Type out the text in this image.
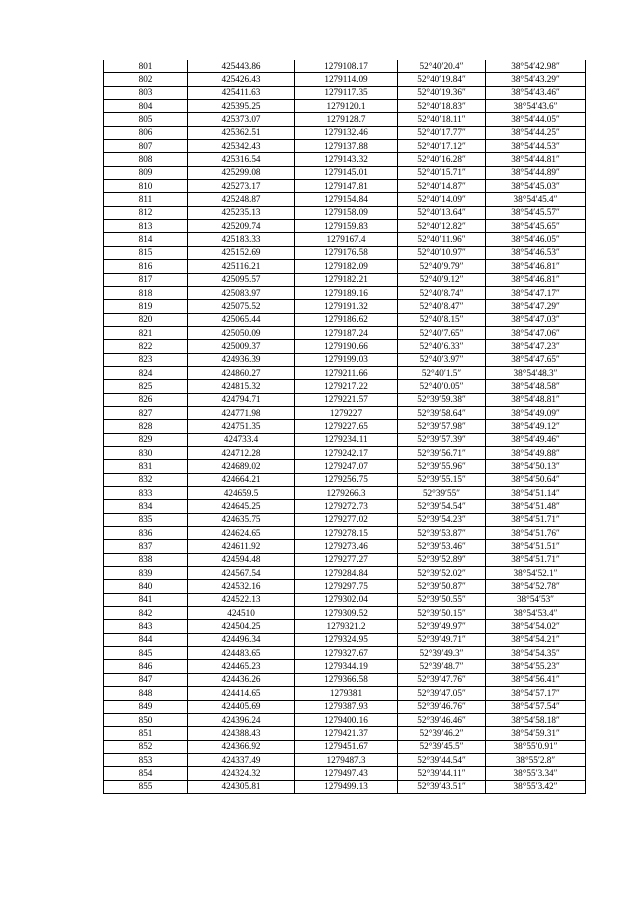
801	425443.86	1279108.17	52°40′20.4″	38°54′42.98″
802	425426.43	1279114.09	52°40′19.84″	38°54′43.29″
803	425411.63	1279117.35	52°40′19.36″	38°54′43.46″
804	425395.25	1279120.1	52°40′18.83″	38°54′43.6″
805	425373.07	1279128.7	52°40′18.11″	38°54′44.05″
806	425362.51	1279132.46	52°40′17.77″	38°54′44.25″
807	425342.43	1279137.88	52°40′17.12″	38°54′44.53″
808	425316.54	1279143.32	52°40′16.28″	38°54′44.81″
809	425299.08	1279145.01	52°40′15.71″	38°54′44.89″
810	425273.17	1279147.81	52°40′14.87″	38°54′45.03″
811	425248.87	1279154.84	52°40′14.09″	38°54′45.4″
812	425235.13	1279158.09	52°40′13.64″	38°54′45.57″
813	425209.74	1279159.83	52°40′12.82″	38°54′45.65″
814	425183.33	1279167.4	52°40′11.96″	38°54′46.05″
815	425152.69	1279176.58	52°40′10.97″	38°54′46.53″
816	425116.21	1279182.09	52°40′9.79″	38°54′46.81″
817	425095.57	1279182.21	52°40′9.12″	38°54′46.81″
818	425083.97	1279189.16	52°40′8.74″	38°54′47.17″
819	425075.52	1279191.32	52°40′8.47″	38°54′47.29″
820	425065.44	1279186.62	52°40′8.15″	38°54′47.03″
821	425050.09	1279187.24	52°40′7.65″	38°54′47.06″
822	425009.37	1279190.66	52°40′6.33″	38°54′47.23″
823	424936.39	1279199.03	52°40′3.97″	38°54′47.65″
824	424860.27	1279211.66	52°40′1.5″	38°54′48.3″
825	424815.32	1279217.22	52°40′0.05″	38°54′48.58″
826	424794.71	1279221.57	52°39′59.38″	38°54′48.81″
827	424771.98	1279227	52°39′58.64″	38°54′49.09″
828	424751.35	1279227.65	52°39′57.98″	38°54′49.12″
829	424733.4	1279234.11	52°39′57.39″	38°54′49.46″
830	424712.28	1279242.17	52°39′56.71″	38°54′49.88″
831	424689.02	1279247.07	52°39′55.96″	38°54′50.13″
832	424664.21	1279256.75	52°39′55.15″	38°54′50.64″
833	424659.5	1279266.3	52°39′55″	38°54′51.14″
834	424645.25	1279272.73	52°39′54.54″	38°54′51.48″
835	424635.75	1279277.02	52°39′54.23″	38°54′51.71″
836	424624.65	1279278.15	52°39′53.87″	38°54′51.76″
837	424611.92	1279273.46	52°39′53.46″	38°54′51.51″
838	424594.48	1279277.27	52°39′52.89″	38°54′51.71″
839	424567.54	1279284.84	52°39′52.02″	38°54′52.1″
840	424532.16	1279297.75	52°39′50.87″	38°54′52.78″
841	424522.13	1279302.04	52°39′50.55″	38°54′53″
842	424510	1279309.52	52°39′50.15″	38°54′53.4″
843	424504.25	1279321.2	52°39′49.97″	38°54′54.02″
844	424496.34	1279324.95	52°39′49.71″	38°54′54.21″
845	424483.65	1279327.67	52°39′49.3″	38°54′54.35″
846	424465.23	1279344.19	52°39′48.7″	38°54′55.23″
847	424436.26	1279366.58	52°39′47.76″	38°54′56.41″
848	424414.65	1279381	52°39′47.05″	38°54′57.17″
849	424405.69	1279387.93	52°39′46.76″	38°54′57.54″
850	424396.24	1279400.16	52°39′46.46″	38°54′58.18″
851	424388.43	1279421.37	52°39′46.2″	38°54′59.31″
852	424366.92	1279451.67	52°39′45.5″	38°55′0.91″
853	424337.49	1279487.3	52°39′44.54″	38°55′2.8″
854	424324.32	1279497.43	52°39′44.11″	38°55′3.34″
855	424305.81	1279499.13	52°39′43.51″	38°55′3.42″
